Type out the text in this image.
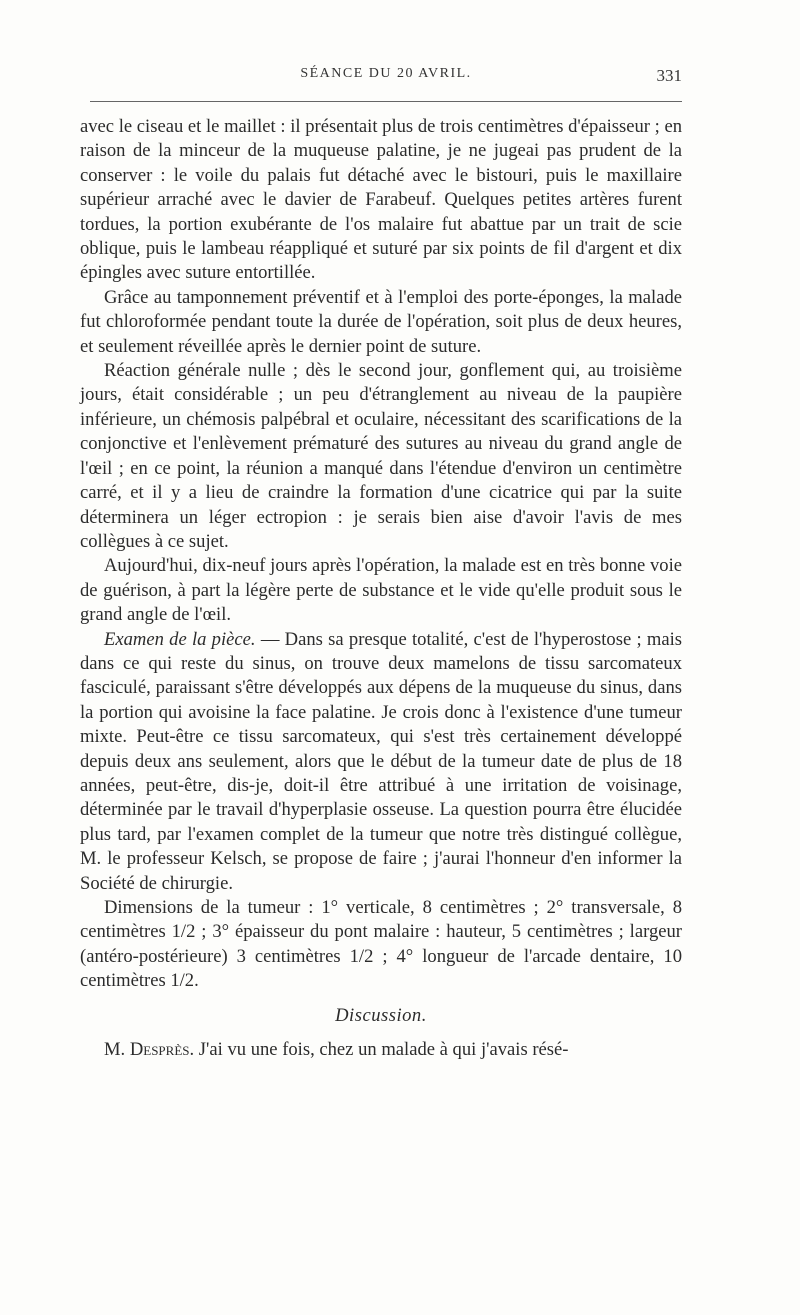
SÉANCE DU 20 AVRIL.	331

avec le ciseau et le maillet : il présentait plus de trois centimètres d'épaisseur ; en raison de la minceur de la muqueuse palatine, je ne jugeai pas prudent de la conserver : le voile du palais fut détaché avec le bistouri, puis le maxillaire supérieur arraché avec le davier de Farabeuf. Quelques petites artères furent tordues, la portion exubérante de l'os malaire fut abattue par un trait de scie oblique, puis le lambeau réappliqué et suturé par six points de fil d'argent et dix épingles avec suture entortillée.

Grâce au tamponnement préventif et à l'emploi des porte-éponges, la malade fut chloroformée pendant toute la durée de l'opération, soit plus de deux heures, et seulement réveillée après le dernier point de suture.

Réaction générale nulle ; dès le second jour, gonflement qui, au troisième jours, était considérable ; un peu d'étranglement au niveau de la paupière inférieure, un chémosis palpébral et oculaire, nécessitant des scarifications de la conjonctive et l'enlèvement prématuré des sutures au niveau du grand angle de l'œil ; en ce point, la réunion a manqué dans l'étendue d'environ un centimètre carré, et il y a lieu de craindre la formation d'une cicatrice qui par la suite déterminera un léger ectropion : je serais bien aise d'avoir l'avis de mes collègues à ce sujet.

Aujourd'hui, dix-neuf jours après l'opération, la malade est en très bonne voie de guérison, à part la légère perte de substance et le vide qu'elle produit sous le grand angle de l'œil.

Examen de la pièce. — Dans sa presque totalité, c'est de l'hyperostose ; mais dans ce qui reste du sinus, on trouve deux mamelons de tissu sarcomateux fasciculé, paraissant s'être développés aux dépens de la muqueuse du sinus, dans la portion qui avoisine la face palatine. Je crois donc à l'existence d'une tumeur mixte. Peut-être ce tissu sarcomateux, qui s'est très certainement développé depuis deux ans seulement, alors que le début de la tumeur date de plus de 18 années, peut-être, dis-je, doit-il être attribué à une irritation de voisinage, déterminée par le travail d'hyperplasie osseuse. La question pourra être élucidée plus tard, par l'examen complet de la tumeur que notre très distingué collègue, M. le professeur Kelsch, se propose de faire ; j'aurai l'honneur d'en informer la Société de chirurgie.

Dimensions de la tumeur : 1° verticale, 8 centimètres ; 2° transversale, 8 centimètres 1/2 ; 3° épaisseur du pont malaire : hauteur, 5 centimètres ; largeur (antéro-postérieure) 3 centimètres 1/2 ; 4° longueur de l'arcade dentaire, 10 centimètres 1/2.

Discussion.

M. Desprès. J'ai vu une fois, chez un malade à qui j'avais résé-
